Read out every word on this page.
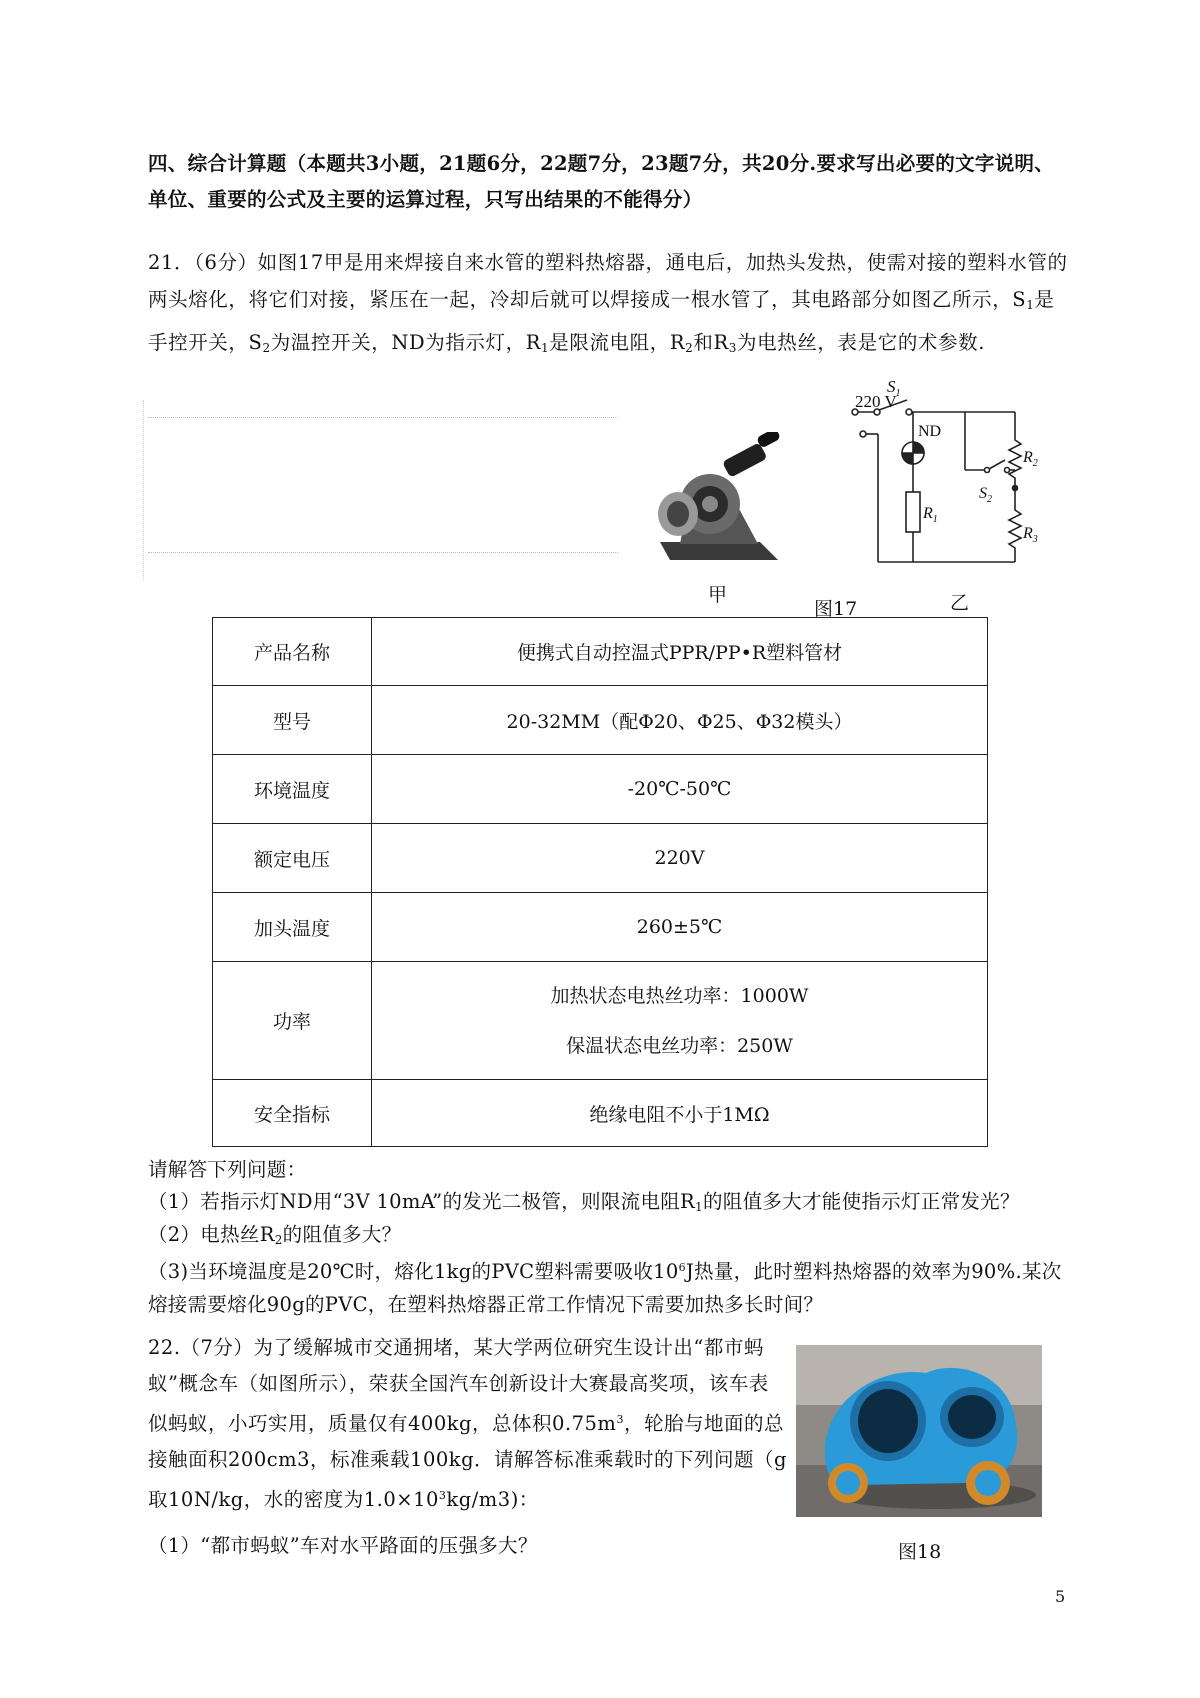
四、综合计算题（本题共3小题，21题6分，22题7分，23题7分，共20分.要求写出必要的文字说明、单位、重要的公式及主要的运算过程，只写出结果的不能得分）
21．（6分）如图17甲是用来焊接自来水管的塑料热熔器，通电后，加热头发热，使需对接的塑料水管的两头熔化，将它们对接，紧压在一起，冷却后就可以焊接成一根水管了，其电路部分如图乙所示，S1是手控开关，S2为温控开关，ND为指示灯，R1是限流电阻，R2和R3为电热丝，表是它的术参数.
甲
图17	乙
220 V
$S_1$
ND
$R_1$
$R_2$
$S_2$
$R_3$
产品名称	便携式自动控温式PPR/PP•R塑料管材
型号	20-32MM（配Φ20、Φ25、Φ32模头）
环境温度	-20℃-50℃
额定电压	220V
加头温度	260±5℃
功率	加热状态电热丝功率：1000W
保温状态电丝功率：250W

安全指标	绝缘电阻不小于1MΩ
请解答下列问题：
（1）若指示灯ND用“3V 10mA”的发光二极管，则限流电阻R1的阻值多大才能使指示灯正常发光？
（2）电热丝R2的阻值多大？
（3)当环境温度是20℃时，熔化1kg的PVC塑料需要吸收$10^6J$热量，此时塑料热熔器的效率为90%.某次熔接需要熔化90g的PVC，在塑料热熔器正常工作情况下需要加热多长时间？
22.（7分）为了缓解城市交通拥堵，某大学两位研究生设计出“都市蚂蚁”概念车（如图所示），荣获全国汽车创新设计大赛最高奖项，该车表似蚂蚁，小巧实用，质量仅有400kg，总体积$0.75m^3$，轮胎与地面的总接触面积200cm3，标准乘载100kg．请解答标准乘载时的下列问题（g取10N/kg，水的密度为$1.0\times 10^3kg/m3$)：
（1）“都市蚂蚁”车对水平路面的压强多大？	图18
5
